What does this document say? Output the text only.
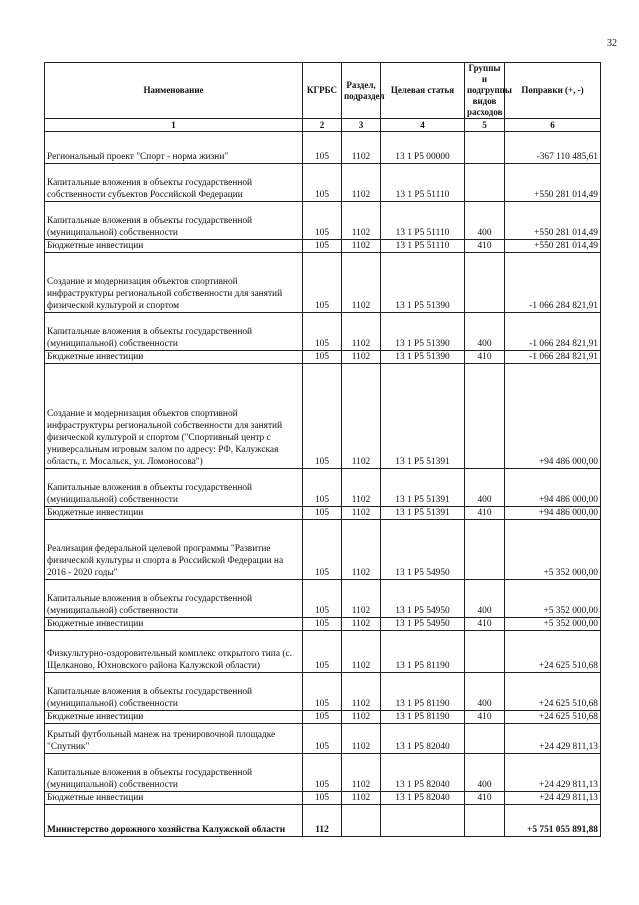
32
Наименование	КГРБС	Раздел, подраздел	Целевая статья	Группы и подгруппы видов расходов	Поправки (+, -)
1	2	3	4	5	6
Региональный проект "Спорт - норма жизни"	105	1102	13 1 P5 00000		-367 110 485,61
Капитальные вложения в объекты государственной собственности субъектов Российской Федерации	105	1102	13 1 P5 51110		+550 281 014,49
Капитальные вложения в объекты государственной (муниципальной) собственности	105	1102	13 1 P5 51110	400	+550 281 014,49
Бюджетные инвестиции	105	1102	13 1 P5 51110	410	+550 281 014,49
Создание и модернизация объектов спортивной инфраструктуры региональной собственности для занятий физической культурой и спортом	105	1102	13 1 P5 51390		-1 066 284 821,91
Капитальные вложения в объекты государственной (муниципальной) собственности	105	1102	13 1 P5 51390	400	-1 066 284 821,91
Бюджетные инвестиции	105	1102	13 1 P5 51390	410	-1 066 284 821,91
Создание и модернизация объектов спортивной инфраструктуры региональной собственности для занятий физической культурой и спортом ("Спортивный центр с универсальным игровым залом по адресу: РФ, Калужская область, г. Мосальск, ул. Ломоносова")	105	1102	13 1 P5 51391		+94 486 000,00
Капитальные вложения в объекты государственной (муниципальной) собственности	105	1102	13 1 P5 51391	400	+94 486 000,00
Бюджетные инвестиции	105	1102	13 1 P5 51391	410	+94 486 000,00
Реализация федеральной целевой программы "Развитие физической культуры и спорта в Российской Федерации на 2016 - 2020 годы"	105	1102	13 1 P5 54950		+5 352 000,00
Капитальные вложения в объекты государственной (муниципальной) собственности	105	1102	13 1 P5 54950	400	+5 352 000,00
Бюджетные инвестиции	105	1102	13 1 P5 54950	410	+5 352 000,00
Физкультурно-оздоровительный комплекс открытого типа (с. Щелканово, Юхновского района Калужской области)	105	1102	13 1 P5 81190		+24 625 510,68
Капитальные вложения в объекты государственной (муниципальной) собственности	105	1102	13 1 P5 81190	400	+24 625 510,68
Бюджетные инвестиции	105	1102	13 1 P5 81190	410	+24 625 510,68
Крытый футбольный манеж на тренировочной площадке "Спутник"	105	1102	13 1 P5 82040		+24 429 811,13
Капитальные вложения в объекты государственной (муниципальной) собственности	105	1102	13 1 P5 82040	400	+24 429 811,13
Бюджетные инвестиции	105	1102	13 1 P5 82040	410	+24 429 811,13
Министерство дорожного хозяйства Калужской области	112				+5 751 055 891,88
